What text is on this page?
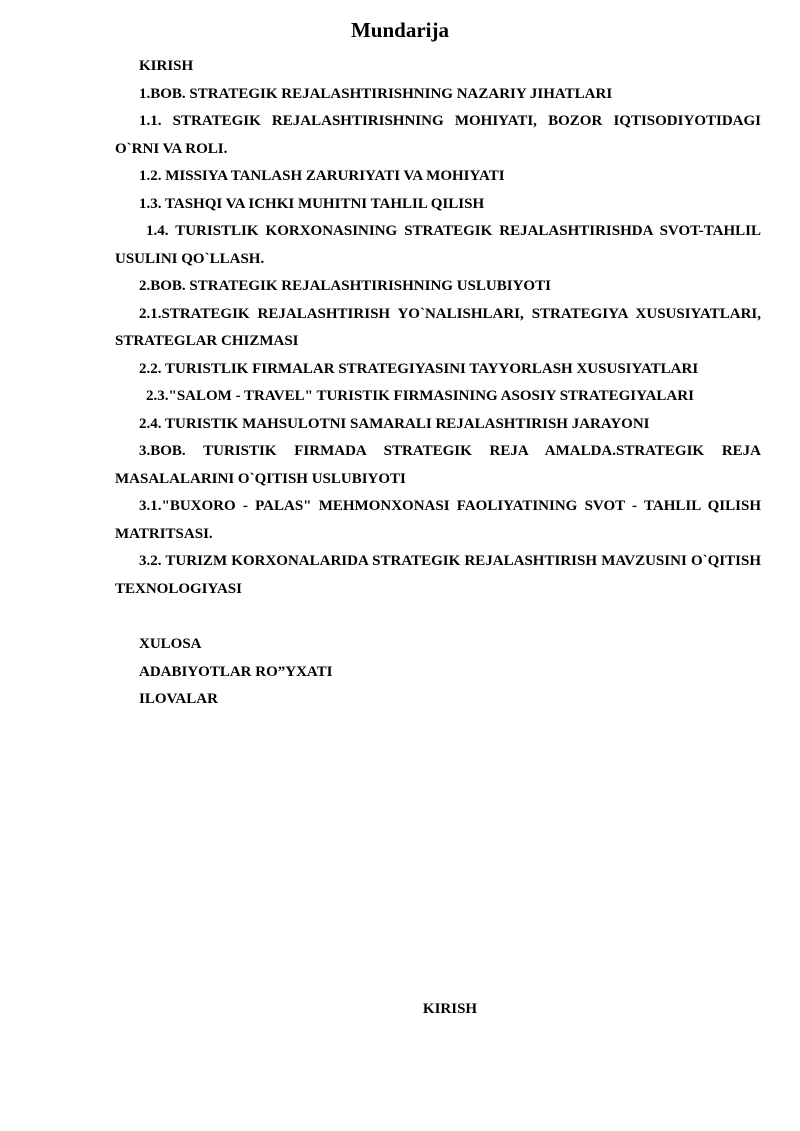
Mundarija
KIRISH
1.BOB. STRATEGIK REJALASHTIRISHNING NAZARIY JIHATLARI
1.1. STRATEGIK REJALASHTIRISHNING MOHIYATI, BOZOR IQTISODIYOTIDAGI O`RNI VA ROLI.
1.2. MISSIYA TANLASH ZARURIYATI VA MOHIYATI
1.3. TASHQI VA ICHKI MUHITNI TAHLIL QILISH
1.4. TURISTLIK KORXONASINING STRATEGIK REJALASHTIRISHDA SVOT-TAHLIL USULINI QO`LLASH.
2.BOB. STRATEGIK REJALASHTIRISHNING USLUBIYOTI
2.1.STRATEGIK REJALASHTIRISH YO`NALISHLARI, STRATEGIYA XUSUSIYATLARI, STRATEGLAR CHIZMASI
2.2. TURISTLIK FIRMALAR STRATEGIYASINI TAYYORLASH XUSUSIYATLARI
2.3."SALOM - TRAVEL" TURISTIK FIRMASINING ASOSIY STRATEGIYALARI
2.4. TURISTIK MAHSULOTNI SAMARALI REJALASHTIRISH JARAYONI
3.BOB. TURISTIK FIRMADA STRATEGIK REJA AMALDA.STRATEGIK REJA MASALALARINI O`QITISH USLUBIYOTI
3.1."BUXORO - PALAS" MEHMONXONASI FAOLIYATINING SVOT - TAHLIL QILISH MATRITSASI.
3.2. TURIZM KORXONALARIDA STRATEGIK REJALASHTIRISH MAVZUSINI O`QITISH TEXNOLOGIYASI
XULOSA
ADABIYOTLAR RO”YXATI
ILOVALAR
KIRISH
